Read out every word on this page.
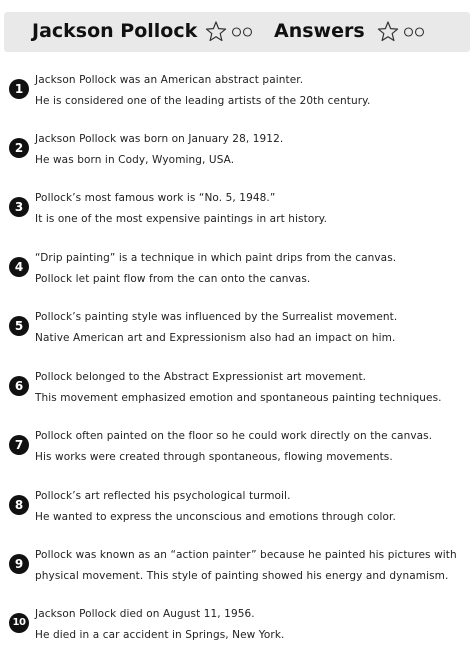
Jackson Pollock	Answers
1
Jackson Pollock was an American abstract painter.
He is considered one of the leading artists of the 20th century.
2
Jackson Pollock was born on January 28, 1912.
He was born in Cody, Wyoming, USA.
3
Pollock’s most famous work is “No. 5, 1948.”
It is one of the most expensive paintings in art history.
4
“Drip painting” is a technique in which paint drips from the canvas.
Pollock let paint flow from the can onto the canvas.
5
Pollock’s painting style was influenced by the Surrealist movement.
Native American art and Expressionism also had an impact on him.
6
Pollock belonged to the Abstract Expressionist art movement.
This movement emphasized emotion and spontaneous painting techniques.
7
Pollock often painted on the floor so he could work directly on the canvas.
His works were created through spontaneous, flowing movements.
8
Pollock’s art reflected his psychological turmoil.
He wanted to express the unconscious and emotions through color.
9
Pollock was known as an “action painter” because he painted his pictures with
physical movement. This style of painting showed his energy and dynamism.
10
Jackson Pollock died on August 11, 1956.
He died in a car accident in Springs, New York.
